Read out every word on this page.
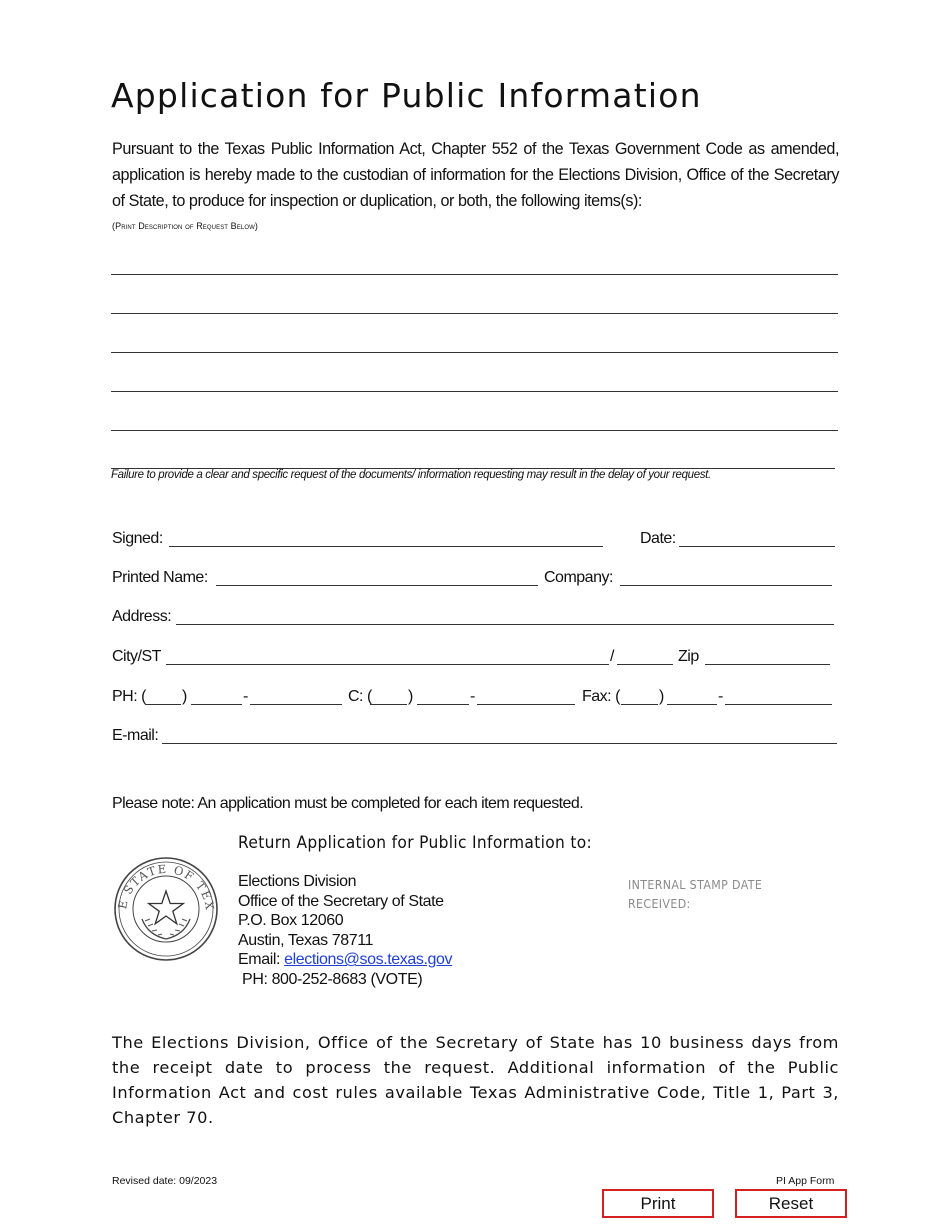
Application for Public Information
Pursuant to the Texas Public Information Act, Chapter 552 of the Texas Government Code as amended, application is hereby made to the custodian of information for the Elections Division, Office of the Secretary of State, to produce for inspection or duplication, or both, the following items(s):
(Print Description of Request Below)
Failure to provide a clear and specific request of the documents/ information requesting may result in the delay of your request.
Signed:	Date:
Printed Name:	Company:
Address:
City/ST	/	Zip
PH: ( )	-	C: ( )	-	Fax: ( )	-
E-mail:
Please note: An application must be completed for each item requested.
Return Application for Public Information to:
E STATE OF TEX
Elections Division
Office of the Secretary of State
P.O. Box 12060
Austin, Texas 78711
Email: elections@sos.texas.gov
PH: 800-252-8683 (VOTE)
INTERNAL STAMP DATE
RECEIVED:
The Elections Division, Office of the Secretary of State has 10 business days from the receipt date to process the request. Additional information of the Public Information Act and cost rules available Texas Administrative Code, Title 1, Part 3, Chapter 70.
Revised date: 09/2023	PI App Form
Print	Reset
